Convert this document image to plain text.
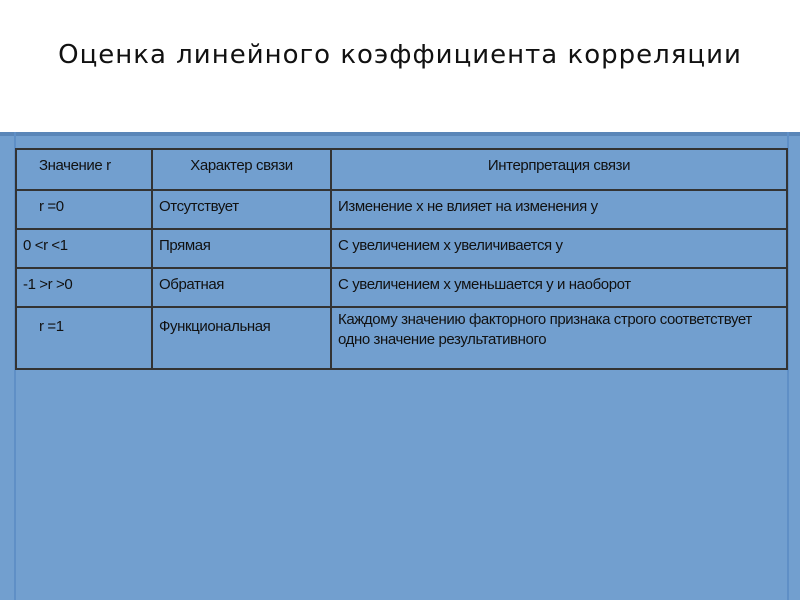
Оценка линейного коэффициента корреляции
Значение r	Характер связи	Интерпретация связи
r =0	Отсутствует	Изменение x не влияет на изменения y
0 <r <1	Прямая	С увеличением x увеличивается y
-1 >r >0	Обратная	С увеличением x уменьшается y и наоборот
r =1	Функциональная	Каждому значению факторного признака строго соответствует одно значение результативного
